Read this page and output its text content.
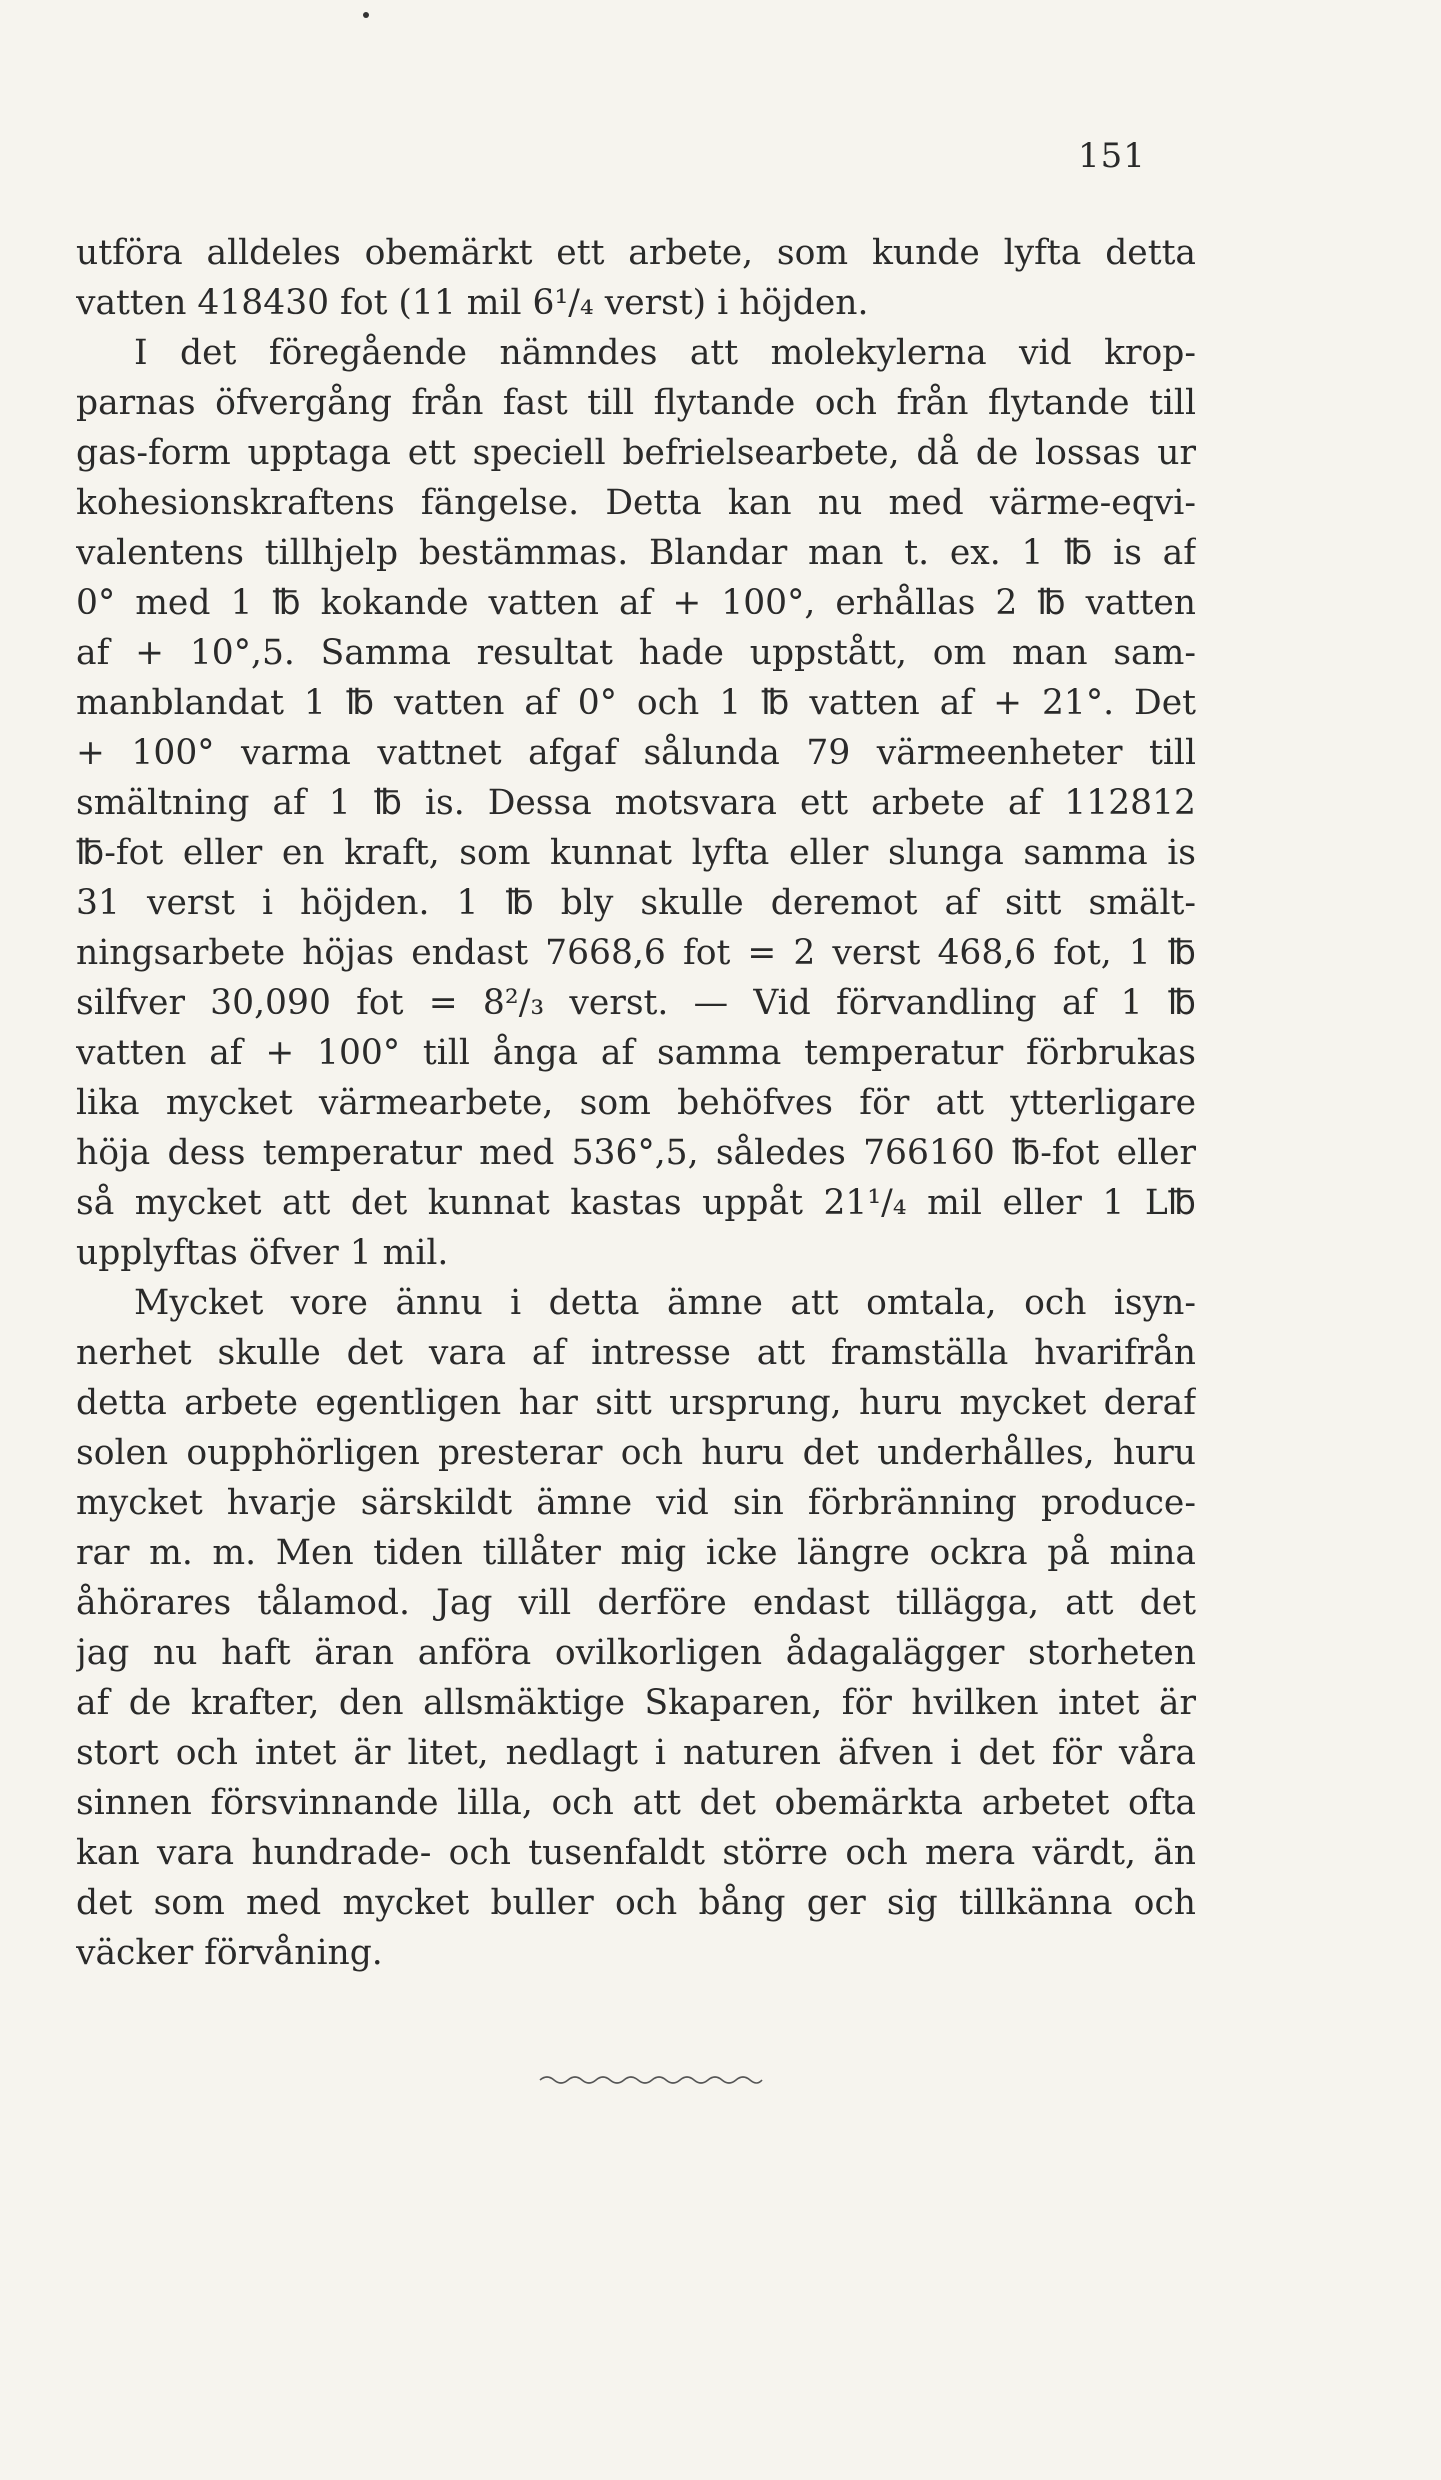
151
utföra alldeles obemärkt ett arbete, som kunde lyfta detta
vatten 418430 fot (11 mil 6¹/₄ verst) i höjden.
I det föregående nämndes att molekylerna vid krop-
parnas öfvergång från fast till flytande och från flytande till
gas-form upptaga ett speciell befrielsearbete, då de lossas ur
kohesionskraftens fängelse. Detta kan nu med värme-eqvi-
valentens tillhjelp bestämmas. Blandar man t. ex. 1 ℔ is af
0° med 1 ℔ kokande vatten af + 100°, erhållas 2 ℔ vatten
af + 10°,5. Samma resultat hade uppstått, om man sam-
manblandat 1 ℔ vatten af 0° och 1 ℔ vatten af + 21°. Det
+ 100° varma vattnet afgaf sålunda 79 värmeenheter till
smältning af 1 ℔ is. Dessa motsvara ett arbete af 112812
℔-fot eller en kraft, som kunnat lyfta eller slunga samma is
31 verst i höjden. 1 ℔ bly skulle deremot af sitt smält-
ningsarbete höjas endast 7668,6 fot = 2 verst 468,6 fot, 1 ℔
silfver 30,090 fot = 8²/₃ verst. — Vid förvandling af 1 ℔
vatten af + 100° till ånga af samma temperatur förbrukas
lika mycket värmearbete, som behöfves för att ytterligare
höja dess temperatur med 536°,5, således 766160 ℔-fot eller
så mycket att det kunnat kastas uppåt 21¹/₄ mil eller 1 L℔
upplyftas öfver 1 mil.
Mycket vore ännu i detta ämne att omtala, och isyn-
nerhet skulle det vara af intresse att framställa hvarifrån
detta arbete egentligen har sitt ursprung, huru mycket deraf
solen oupphörligen presterar och huru det underhålles, huru
mycket hvarje särskildt ämne vid sin förbränning produce-
rar m. m. Men tiden tillåter mig icke längre ockra på mina
åhörares tålamod. Jag vill derföre endast tillägga, att det
jag nu haft äran anföra ovilkorligen ådagalägger storheten
af de krafter, den allsmäktige Skaparen, för hvilken intet är
stort och intet är litet, nedlagt i naturen äfven i det för våra
sinnen försvinnande lilla, och att det obemärkta arbetet ofta
kan vara hundrade- och tusenfaldt större och mera värdt, än
det som med mycket buller och bång ger sig tillkänna och
väcker förvåning.
